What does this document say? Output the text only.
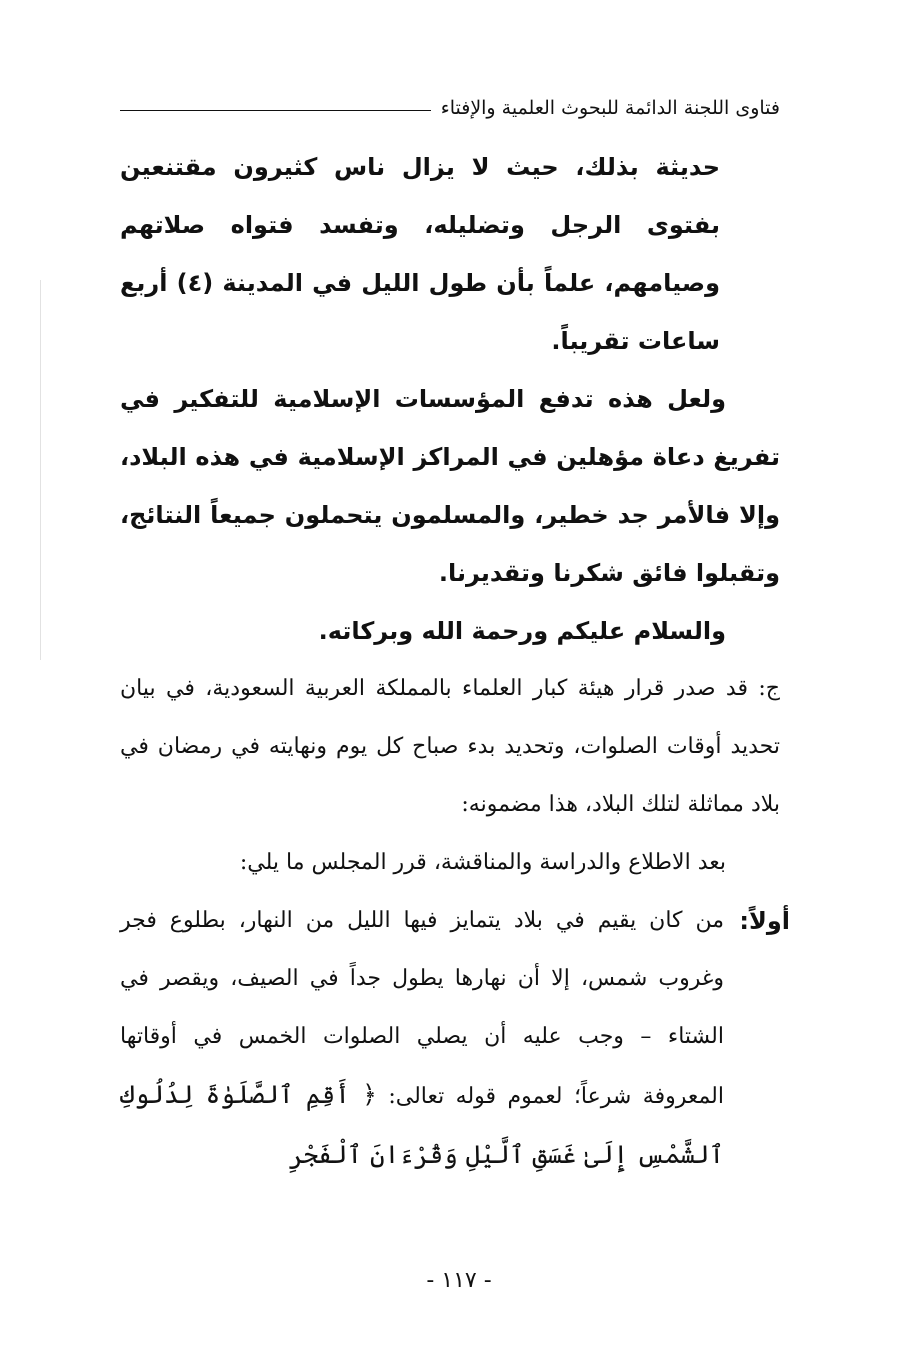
فتاوى اللجنة الدائمة للبحوث العلمية والإفتاء

حديثة بذلك، حيث لا يزال ناس كثيرون مقتنعين بفتوى الرجل وتضليله، وتفسد فتواه صلاتهم وصيامهم، علماً بأن طول الليل في المدينة (٤) أربع ساعات تقريباً.

ولعل هذه تدفع المؤسسات الإسلامية للتفكير في تفريغ دعاة مؤهلين في المراكز الإسلامية في هذه البلاد، وإلا فالأمر جد خطير، والمسلمون يتحملون جميعاً النتائج، وتقبلوا فائق شكرنا وتقديرنا.

والسلام عليكم ورحمة الله وبركاته.

ج: قد صدر قرار هيئة كبار العلماء بالمملكة العربية السعودية، في بيان تحديد أوقات الصلوات، وتحديد بدء صباح كل يوم ونهايته في رمضان في بلاد مماثلة لتلك البلاد، هذا مضمونه:

بعد الاطلاع والدراسة والمناقشة، قرر المجلس ما يلي:

أولاً:
من كان يقيم في بلاد يتمايز فيها الليل من النهار، بطلوع فجر وغروب شمس، إلا أن نهارها يطول جداً في الصيف، ويقصر في الشتاء – وجب عليه أن يصلي الصلوات الخمس في أوقاتها المعروفة شرعاً؛ لعموم قوله تعالى: ﴿ أَقِمِ ٱلصَّلَوٰةَ لِدُلُوكِ ٱلشَّمْسِ إِلَىٰ غَسَقِ ٱلَّيْلِ وَقُرْءَانَ ٱلْفَجْرِ
- ١١٧ -
